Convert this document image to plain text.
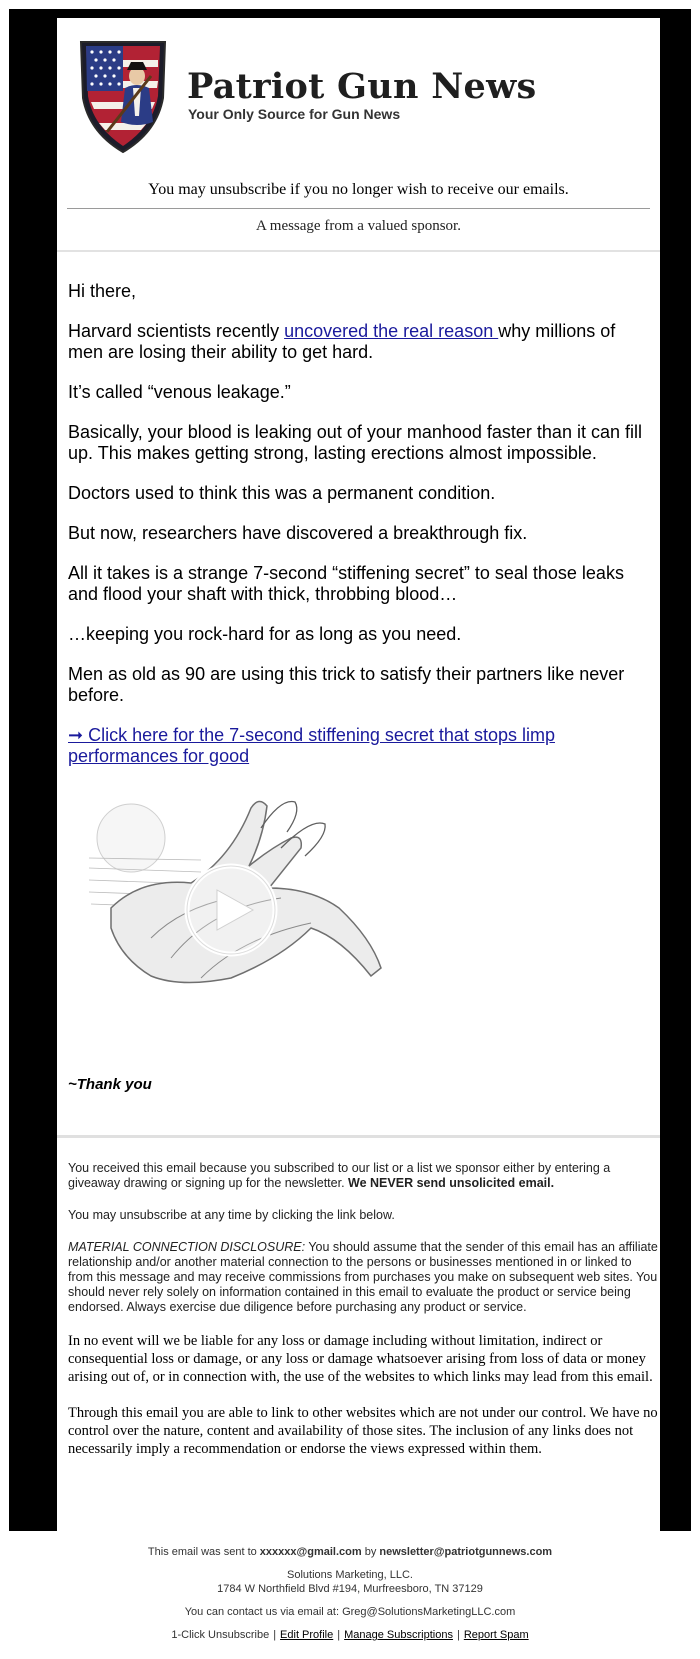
Patriot Gun News
Your Only Source for Gun News
You may unsubscribe if you no longer wish to receive our emails.
A message from a valued sponsor.

Hi there,

Harvard scientists recently uncovered the real reason why millions of men are losing their ability to get hard.

It’s called “venous leakage.”

Basically, your blood is leaking out of your manhood faster than it can fill up. This makes getting strong, lasting erections almost impossible.

Doctors used to think this was a permanent condition.

But now, researchers have discovered a breakthrough fix.

All it takes is a strange 7-second “stiffening secret” to seal those leaks and flood your shaft with thick, throbbing blood…

…keeping you rock-hard for as long as you need.

Men as old as 90 are using this trick to satisfy their partners like never before.

➞ Click here for the 7-second stiffening secret that stops limp performances for good

~Thank you

You received this email because you subscribed to our list or a list we sponsor either by entering a giveaway drawing or signing up for the newsletter. We NEVER send unsolicited email.

You may unsubscribe at any time by clicking the link below.

MATERIAL CONNECTION DISCLOSURE: You should assume that the sender of this email has an affiliate relationship and/or another material connection to the persons or businesses mentioned in or linked to from this message and may receive commissions from purchases you make on subsequent web sites. You should never rely solely on information contained in this email to evaluate the product or service being endorsed. Always exercise due diligence before purchasing any product or service.

In no event will we be liable for any loss or damage including without limitation, indirect or consequential loss or damage, or any loss or damage whatsoever arising from loss of data or money arising out of, or in connection with, the use of the websites to which links may lead from this email.

Through this email you are able to link to other websites which are not under our control. We have no control over the nature, content and availability of those sites. The inclusion of any links does not necessarily imply a recommendation or endorse the views expressed within them.

This email was sent to xxxxxx@gmail.com by newsletter@patriotgunnews.com

Solutions Marketing, LLC.
1784 W Northfield Blvd #194, Murfreesboro, TN 37129

You can contact us via email at: Greg@SolutionsMarketingLLC.com

1-Click Unsubscribe | Edit Profile | Manage Subscriptions | Report Spam
